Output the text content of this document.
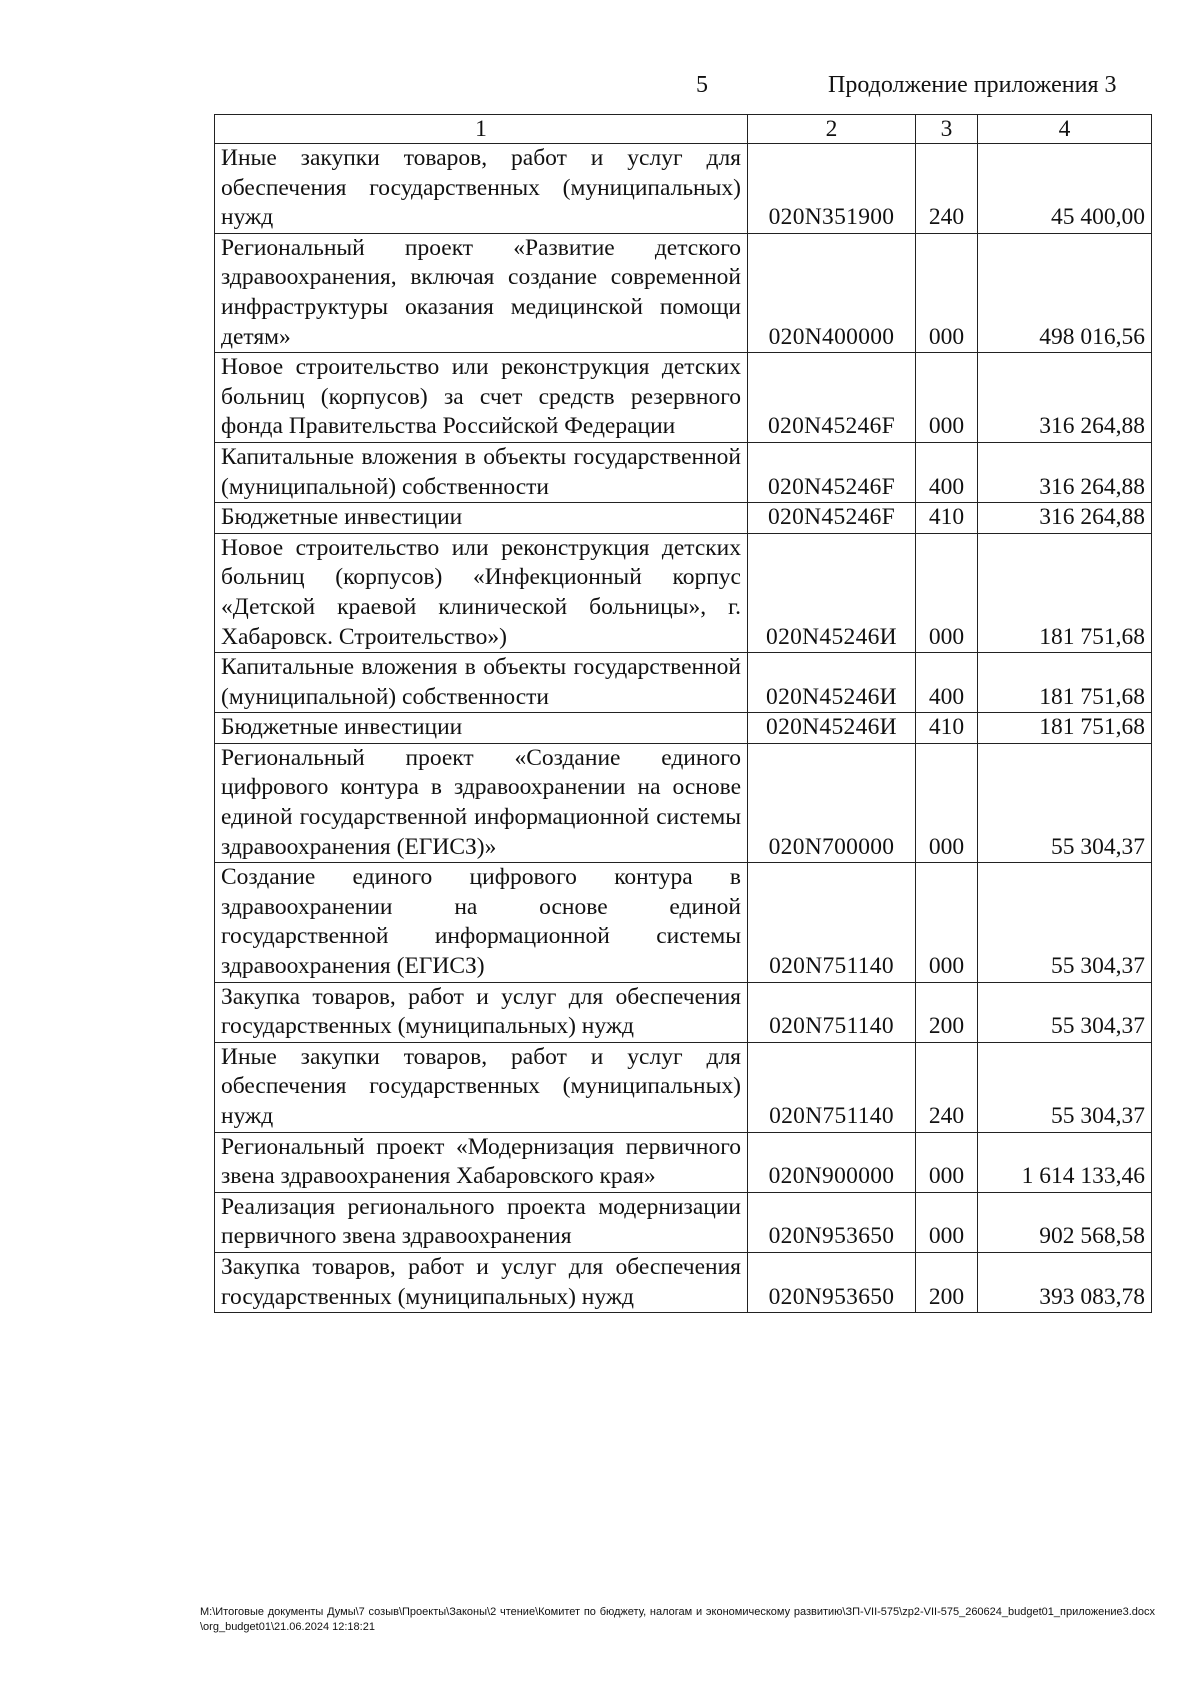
5	Продолжение приложения 3
1	2	3	4
Иные закупки товаров, работ и услуг для обеспечения государственных (муниципальных) нужд	020N351900	240	45 400,00
Региональный проект «Развитие детского здравоохранения, включая создание современной инфраструктуры оказания медицинской помощи детям»	020N400000	000	498 016,56
Новое строительство или реконструкция детских больниц (корпусов) за счет средств резервного фонда Правительства Российской Федерации	020N45246F	000	316 264,88
Капитальные вложения в объекты государственной (муниципальной) собственности	020N45246F	400	316 264,88
Бюджетные инвестиции	020N45246F	410	316 264,88
Новое строительство или реконструкция детских больниц (корпусов) «Инфекционный корпус «Детской краевой клинической больницы», г. Хабаровск. Строительство»)	020N45246И	000	181 751,68
Капитальные вложения в объекты государственной (муниципальной) собственности	020N45246И	400	181 751,68
Бюджетные инвестиции	020N45246И	410	181 751,68
Региональный проект «Создание единого цифрового контура в здравоохранении на основе единой государственной информационной системы здравоохранения (ЕГИСЗ)»	020N700000	000	55 304,37
Создание единого цифрового контура в здравоохранении на основе единой государственной информационной системы здравоохранения (ЕГИСЗ)	020N751140	000	55 304,37
Закупка товаров, работ и услуг для обеспечения государственных (муниципальных) нужд	020N751140	200	55 304,37
Иные закупки товаров, работ и услуг для обеспечения государственных (муниципальных) нужд	020N751140	240	55 304,37
Региональный проект «Модернизация первичного звена здравоохранения Хабаровского края»	020N900000	000	1 614 133,46
Реализация регионального проекта модернизации первичного звена здравоохранения	020N953650	000	902 568,58
Закупка товаров, работ и услуг для обеспечения государственных (муниципальных) нужд	020N953650	200	393 083,78
M:\Итоговые документы Думы\7 созыв\Проекты\Законы\2 чтение\Комитет по бюджету, налогам и экономическому развитию\ЗП-VII-575\zp2-VII-575_260624_budget01_приложение3.docx\org_budget01\21.06.2024 12:18:21
